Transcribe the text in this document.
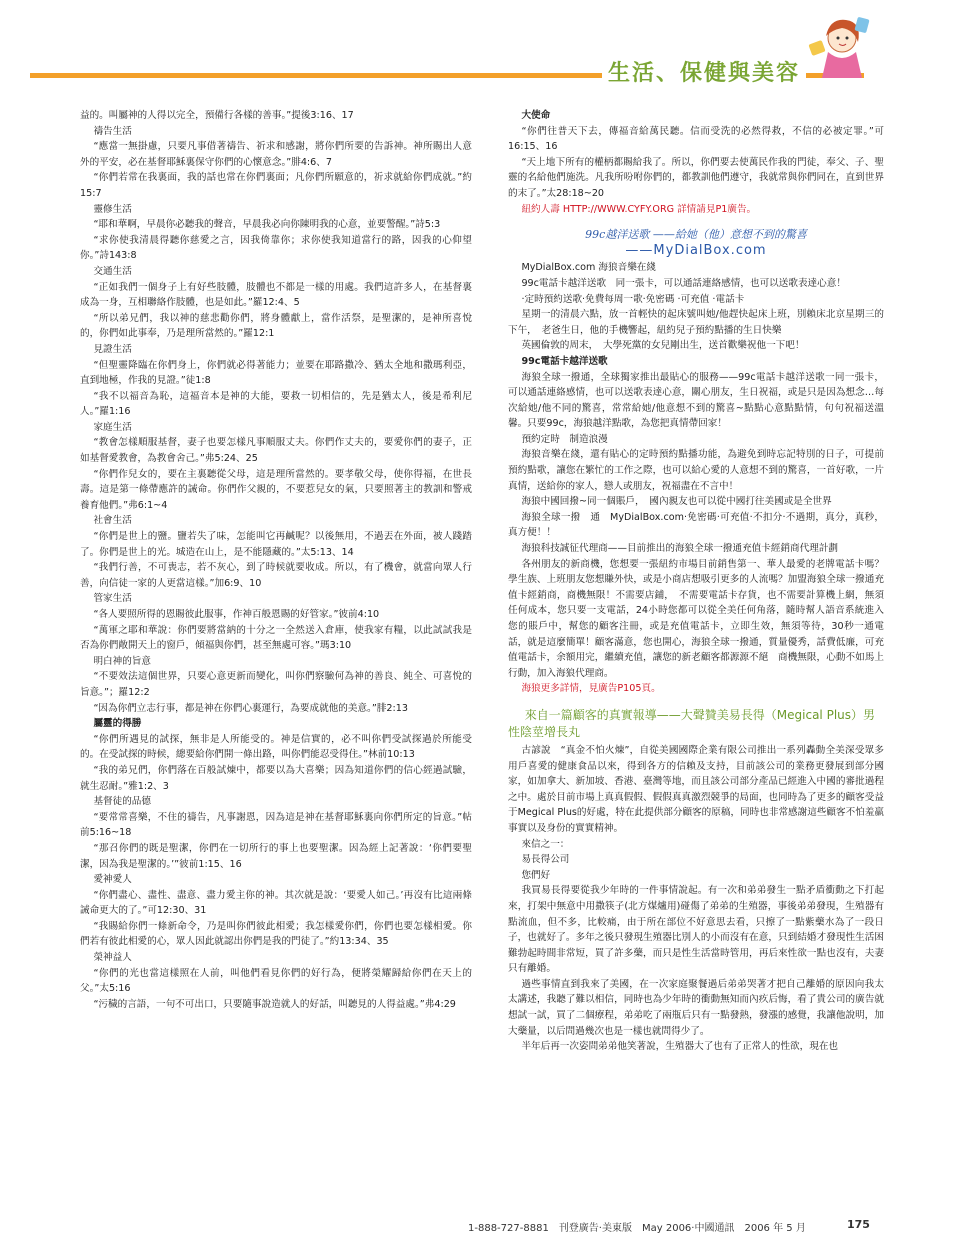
生活、保健與美容

益的。叫屬神的人得以完全，預備行各樣的善事。”提後3:16、17

禱告生活

“應當一無掛慮，只要凡事借著禱告、祈求和感謝，將你們所要的告訴神。神所賜出人意外的平安，必在基督耶穌裏保守你們的心懷意念。”腓4:6、7

“你們若常在我裏面，我的話也常在你們裏面；凡你們所願意的，祈求就給你們成就。”約15:7

靈修生活

“耶和華啊，早晨你必聽我的聲音，早晨我必向你陳明我的心意，並要警醒。”詩5:3

“求你使我清晨得聽你慈愛之言，因我倚靠你；求你使我知道當行的路，因我的心仰望你。”詩143:8

交通生活

“正如我們一個身子上有好些肢體，肢體也不都是一樣的用處。我們這許多人，在基督裏成為一身，互相聯絡作肢體，也是如此。”羅12:4、5

“所以弟兄們，我以神的慈悲勸你們，將身體獻上，當作活祭，是聖潔的，是神所喜悅的，你們如此事奉，乃是理所當然的。”羅12:1

見證生活

“但聖靈降臨在你們身上，你們就必得著能力；並要在耶路撒冷、猶太全地和撒瑪利亞，直到地極，作我的見證。”徒1:8

“我不以福音為恥，這福音本是神的大能，要救一切相信的，先是猶太人，後是希利尼人。”羅1:16

家庭生活

“教會怎樣順服基督，妻子也要怎樣凡事順服丈夫。你們作丈夫的，要愛你們的妻子，正如基督愛教會，為教會舍己。”弗5:24、25

“你們作兒女的，要在主裏聽從父母，這是理所當然的。要孝敬父母，使你得福，在世長壽。這是第一條帶應許的誡命。你們作父親的，不要惹兒女的氣，只要照著主的教訓和警戒養育他們。”弗6:1~4

社會生活

“你們是世上的鹽。鹽若失了味，怎能叫它再鹹呢？以後無用，不過丟在外面，被人踐踏了。你們是世上的光。城造在山上，是不能隱藏的。”太5:13、14

“我們行善，不可喪志，若不灰心，到了時候就要收成。所以，有了機會，就當向眾人行善，向信徒一家的人更當這樣。”加6:9、10

管家生活

“各人要照所得的恩賜彼此服事，作神百般恩賜的好管家。”彼前4:10

“萬軍之耶和華說：你們要將當納的十分之一全然送入倉庫，使我家有糧，以此試試我是否為你們敞開天上的窗戶，傾福與你們，甚至無處可容。”瑪3:10

明白神的旨意

“不要效法這個世界，只要心意更新而變化，叫你們察驗何為神的善良、純全、可喜悅的旨意。”；羅12:2

“因為你們立志行事，都是神在你們心裏運行，為要成就他的美意。”腓2:13

屬靈的得勝

“你們所遇見的試探，無非是人所能受的。神是信實的，必不叫你們受試探過於所能受的。在受試探的時候，總要給你們開一條出路，叫你們能忍受得住。”林前10:13

“我的弟兄們，你們落在百般試煉中，都要以為大喜樂；因為知道你們的信心經過試驗，就生忍耐。”雅1:2、3

基督徒的品德

“要常常喜樂，不住的禱告，凡事謝恩，因為這是神在基督耶穌裏向你們所定的旨意。”帖前5:16~18

“那召你們的既是聖潔，你們在一切所行的事上也要聖潔。因為經上記著說：‘你們要聖潔，因為我是聖潔的。’”彼前1:15、16

愛神愛人

“你們盡心、盡性、盡意、盡力愛主你的神。其次就是說：‘要愛人如己。’再沒有比這兩條誡命更大的了。”可12:30、31

“我賜給你們一條新命令，乃是叫你們彼此相愛；我怎樣愛你們，你們也要怎樣相愛。你們若有彼此相愛的心，眾人因此就認出你們是我的門徒了。”約13:34、35

榮神益人

“你們的光也當這樣照在人前，叫他們看見你們的好行為，便將榮耀歸給你們在天上的父。”太5:16

“污穢的言語，一句不可出口，只要隨事說造就人的好話，叫聽見的人得益處。”弗4:29

大使命

“你們往普天下去，傳福音給萬民聽。信而受洗的必然得救，不信的必被定罪。”可16:15、16

“天上地下所有的權柄都賜給我了。所以，你們要去使萬民作我的門徒，奉父、子、聖靈的名給他們施洗。凡我所吩咐你們的，都教訓他們遵守，我就常與你們同在，直到世界的末了。”太28:18~20

紐約人壽 HTTP://WWW.CYFY.ORG 詳情請見P1廣告。

99c越洋送歌 ——給她（他）意想不到的驚喜

——MyDialBox.com

MyDialBox.com 海狼音樂在綫

99c電話卡越洋送歌　同一張卡，可以通話連絡感情，也可以送歌表達心意！

‧定時預約送歌‧免費每周一歌‧免密碼 ‧可充值 ‧電話卡

星期一的清晨六點，放一首輕快的起床號叫她/他趕快起床上班，別賴床北京星期三的下午，　老爸生日，他的手機響起，紐約兒子預約點播的生日快樂

英國倫敦的周末，　大學死黨的女兒剛出生，送首歡樂祝他一下吧！

99c電話卡越洋送歌

海狼全球一撥通，全球獨家推出最貼心的服務——99c電話卡越洋送歌一同一張卡，可以通話連絡感情，也可以送歌表達心意，關心朋友，生日祝福，或是只是因為想念…每次給她/他不同的驚喜，常常給她/他意想不到的驚喜~點點心意點點情，句句祝福送溫馨。只要99c，海狼越洋點歌，為您把真情帶回家！

預約定時　制造浪漫

海狼音樂在綫，還有貼心的定時預約點播功能，為避免到時忘記特別的日子，可提前預約點歌，讓您在繁忙的工作之際，也可以給心愛的人意想不到的驚喜，一首好歌，一片真情，送給你的家人，戀人或朋友，祝福盡在不言中！

海狼中國回撥~同一個賬戶，　國內親友也可以從中國打往美國或是全世界

海狼全球一撥　通　MyDialBox.com‧免密碼‧可充值‧不扣分‧不過期，真分，真秒，真方便！！

海狼科技誠征代理商——目前推出的海狼全球一撥通充值卡經銷商代理計劃

各州朋友的新商機，您想要一張紐約市場目前銷售第一、華人最愛的老牌電話卡嗎？學生族、上班朋友您想賺外快，或是小商店想吸引更多的人流嗎？加盟海狼全球一撥通充值卡經銷商，商機無限！不需要店鋪，　不需要電話卡存貨，也不需要計算機上網，無須任何成本，您只要一支電話，24小時您都可以從全美任何角落，隨時幫人語音系統進入您的賬戶中，幫您的顧客注冊，或是充值電話卡，立即生效，無須等待，30秒一通電話，就是這麼簡單！顧客滿意，您也開心，海狼全球一撥通，質量優秀，話費低廉，可充值電話卡，余額用完，繼續充值，讓您的新老顧客都源源不絕　商機無限，心動不如馬上行動，加入海狼代理商。

海狼更多詳情，見廣告P105頁。

來自一篇顧客的真實報導——大聲贊美易長得（Megical Plus）男性陰莖增長丸

古諺說　“真金不怕火煉”，自從美國國際企業有限公司推出一系列轟動全美深受眾多用戶喜愛的健康食品以來，得到各方的信賴及支持，目前該公司的業務更發展到部分國家，如加拿大、新加坡、香港、臺灣等地，而且該公司部分產品已經進入中國的審批過程之中。處於目前市場上真真假假、假假真真激烈競爭的局面，也同時為了更多的顧客受益于Megical Plus的好處，特在此提供部分顧客的原稿，同時也非常感謝這些顧客不怕羞羸事實以及身份的實實精神。

來信之一：

易長得公司

您們好

我買易長得要從我少年時的一件事情說起。有一次和弟弟發生一點矛盾衝動之下打起來，打架中無意中用撒筷子(北方煤爐用)碰傷了弟弟的生殖器，事後弟弟發現，生殖器有點流血，但不多，比較痛，由于所在部位不好意思去看，只擦了一點紫藥水為了一段日子，也就好了。多年之後只發現生殖器比別人的小而沒有在意，只到結婚才發現性生活困難勃起時間非常短，買了許多藥，而只是性生活當時管用，再后來性欲一點也沒有，夫妻只有離婚。

過些事情直到我來了美國，在一次家庭聚餐過后弟弟哭著才把自己離婚的原因向我太太講述，我聽了難以相信，同時也為少年時的衝動無知而內疚后悔，看了貴公司的廣告就想試一試，買了二個療程，弟弟吃了兩瓶后只有一點發熱，發漲的感覺，我讓他說明，加大藥量，以后問過幾次也是一樣也就問得少了。

半年后再一次姿問弟弟他笑著說，生殖器大了也有了正常人的性欲，現在也

1-888-727-8881　刊登廣告‧美東版　May 2006‧中國通訊　2006 年 5 月	175
